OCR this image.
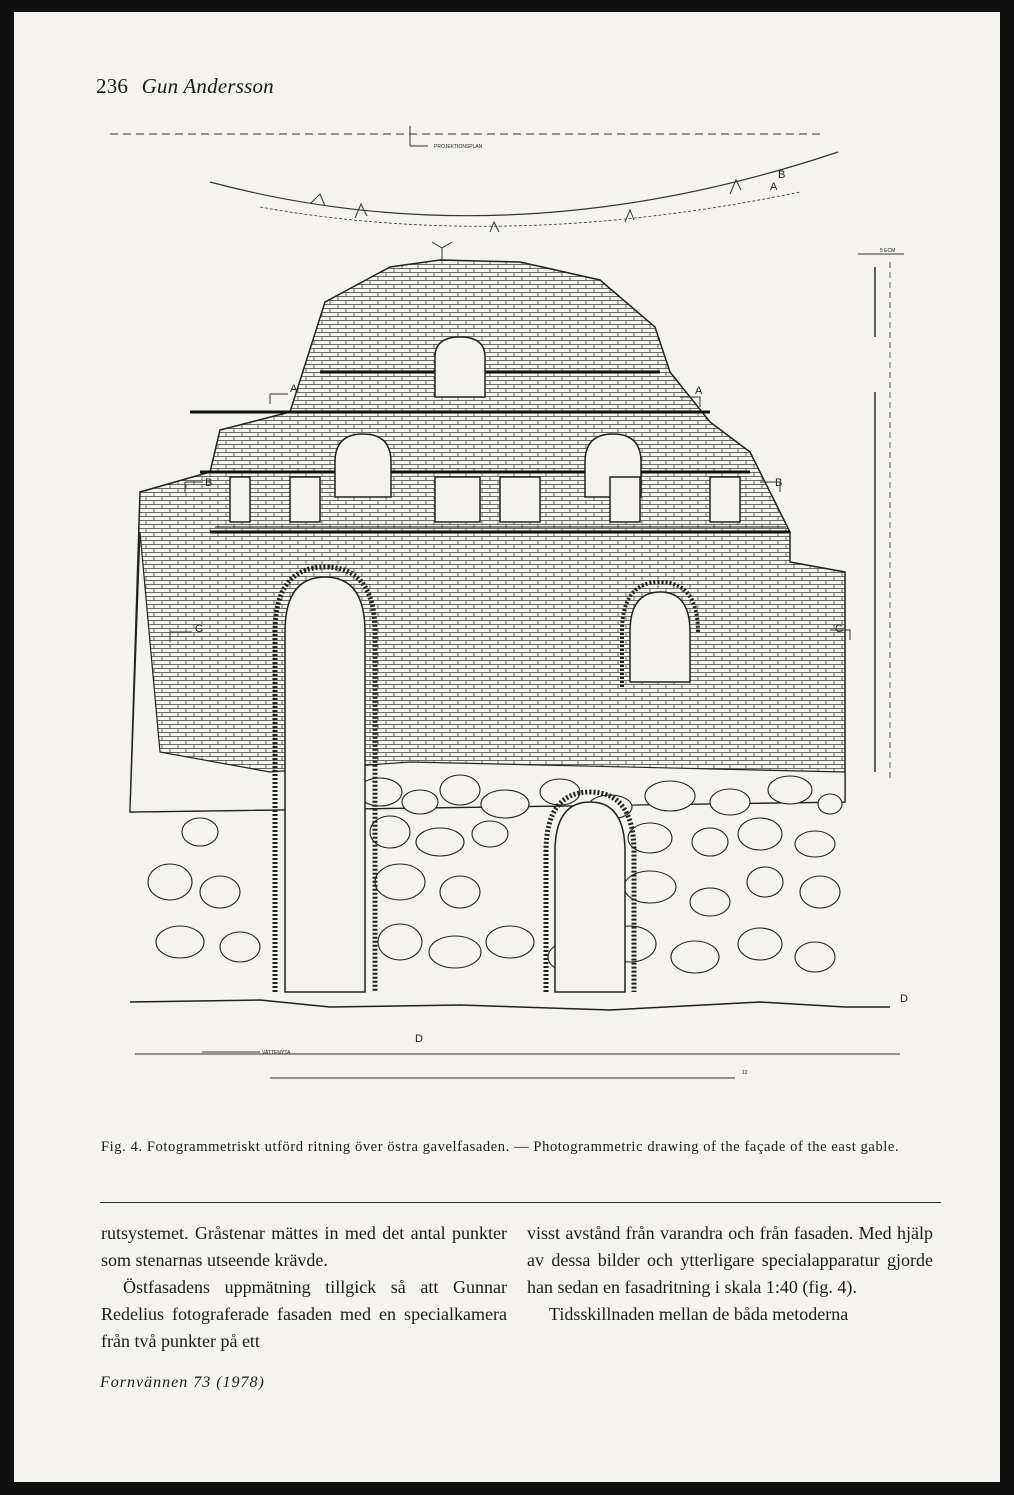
236 Gun Andersson
PROJEKTIONSPLAN
A
B
5 ECM
VATTENYTA
12
A	A
B	B
C	C
D
D
Fig. 4. Fotogrammetriskt utförd ritning över östra gavelfasaden. — Photogrammetric drawing of the façade of the east gable.

rutsystemet. Gråstenar mättes in med det antal punkter som stenarnas utseende krävde.

Östfasadens uppmätning tillgick så att Gunnar Redelius fotograferade fasaden med en specialkamera från två punkter på ett

visst avstånd från varandra och från fasaden. Med hjälp av dessa bilder och ytterligare specialapparatur gjorde han sedan en fasadritning i skala 1:40 (fig. 4).

Tidsskillnaden mellan de båda metoderna

Fornvännen 73 (1978)
